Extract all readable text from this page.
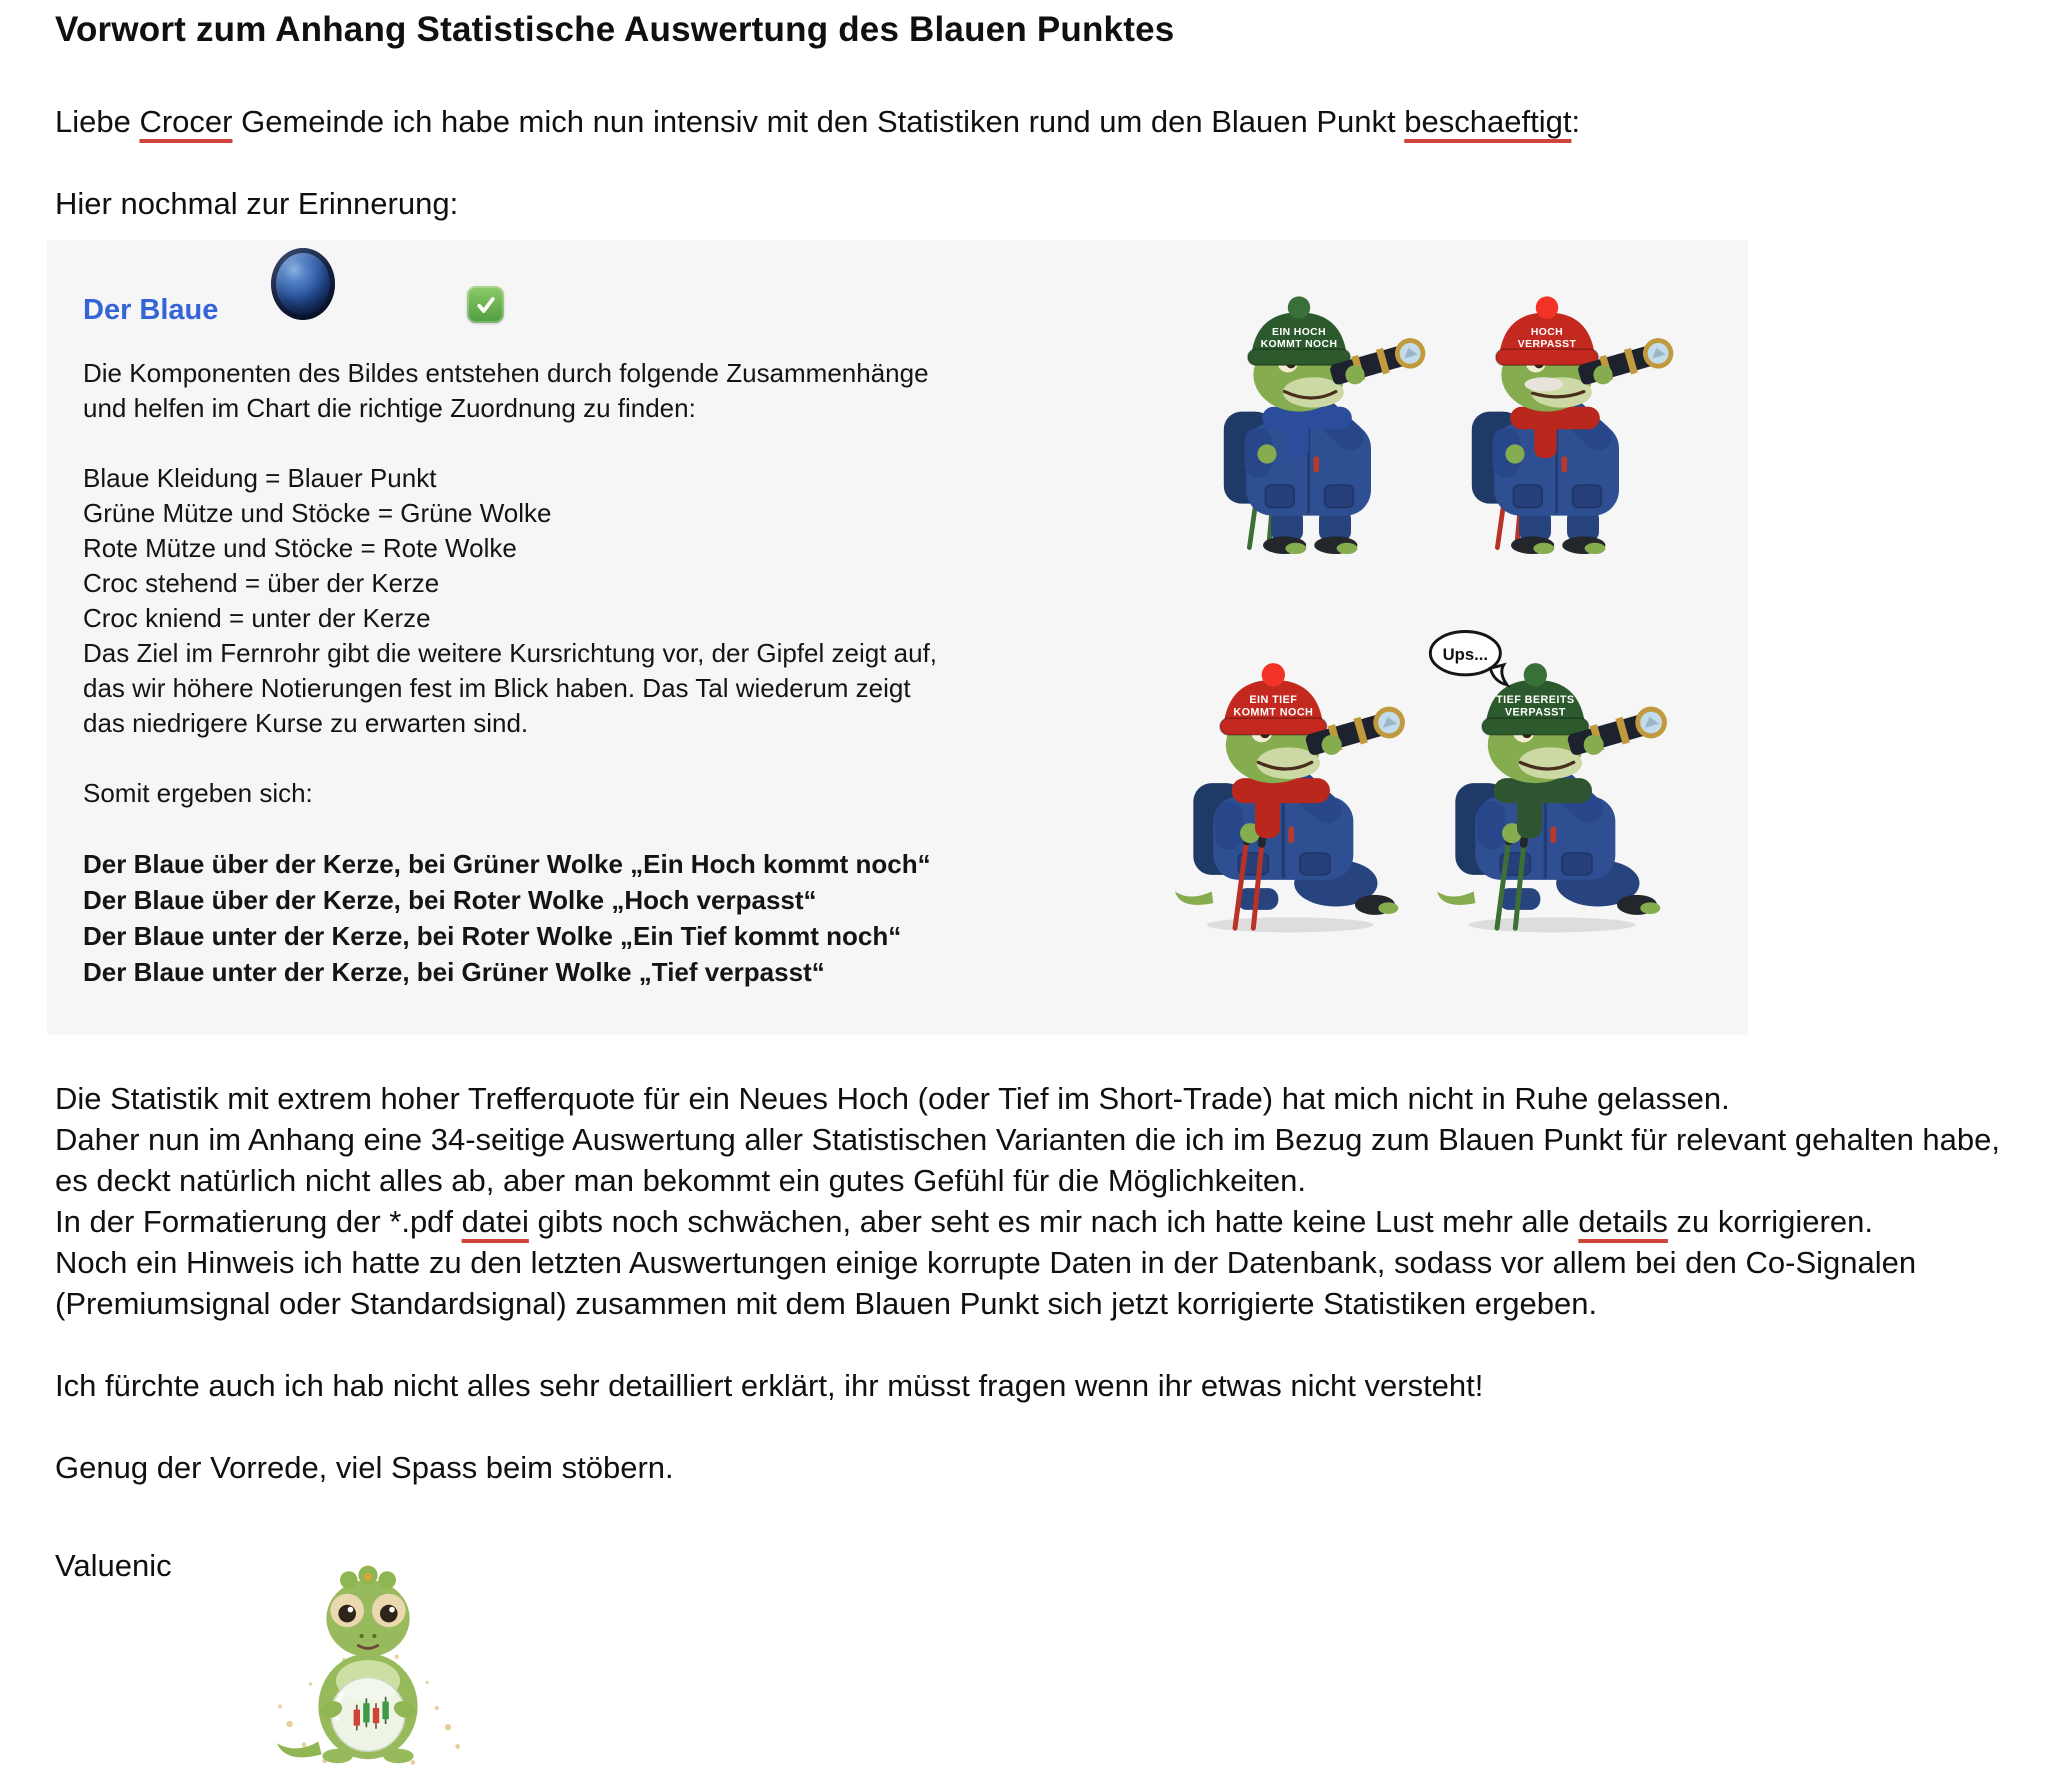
Vorwort zum Anhang Statistische Auswertung des Blauen Punktes
Liebe Crocer Gemeinde ich habe mich nun intensiv mit den Statistiken rund um den Blauen Punkt beschaeftigt:
Hier nochmal zur Erinnerung:
Der Blaue
Die Komponenten des Bildes entstehen durch folgende Zusammenhänge
und helfen im Chart die richtige Zuordnung zu finden:
Blaue Kleidung = Blauer Punkt
Grüne Mütze und Stöcke = Grüne Wolke
Rote Mütze und Stöcke = Rote Wolke
Croc stehend = über der Kerze
Croc kniend = unter der Kerze
Das Ziel im Fernrohr gibt die weitere Kursrichtung vor, der Gipfel zeigt auf,
das wir höhere Notierungen fest im Blick haben. Das Tal wiederum zeigt
das niedrigere Kurse zu erwarten sind.
Somit ergeben sich:
Der Blaue über der Kerze, bei Grüner Wolke „Ein Hoch kommt noch“
Der Blaue über der Kerze, bei Roter Wolke „Hoch verpasst“
Der Blaue unter der Kerze, bei Roter Wolke „Ein Tief kommt noch“
Der Blaue unter der Kerze, bei Grüner Wolke „Tief verpasst“
EIN HOCH
KOMMT NOCH
HOCH
VERPASST
EIN TIEF
KOMMT NOCH
TIEF BEREITS
VERPASST
Ups...

Die Statistik mit extrem hoher Trefferquote für ein Neues Hoch (oder Tief im Short-Trade) hat mich nicht in Ruhe gelassen.

Daher nun im Anhang eine 34-seitige Auswertung aller Statistischen Varianten die ich im Bezug zum Blauen Punkt für relevant gehalten habe, es deckt natürlich nicht alles ab, aber man bekommt ein gutes Gefühl für die Möglichkeiten.

In der Formatierung der *.pdf datei gibts noch schwächen, aber seht es mir nach ich hatte keine Lust mehr alle details zu korrigieren.

Noch ein Hinweis ich hatte zu den letzten Auswertungen einige korrupte Daten in der Datenbank, sodass vor allem bei den Co-Signalen (Premiumsignal oder Standardsignal) zusammen mit dem Blauen Punkt sich jetzt korrigierte Statistiken ergeben.

Ich fürchte auch ich hab nicht alles sehr detailliert erklärt, ihr müsst fragen wenn ihr etwas nicht versteht!

Genug der Vorrede, viel Spass beim stöbern.

Valuenic
